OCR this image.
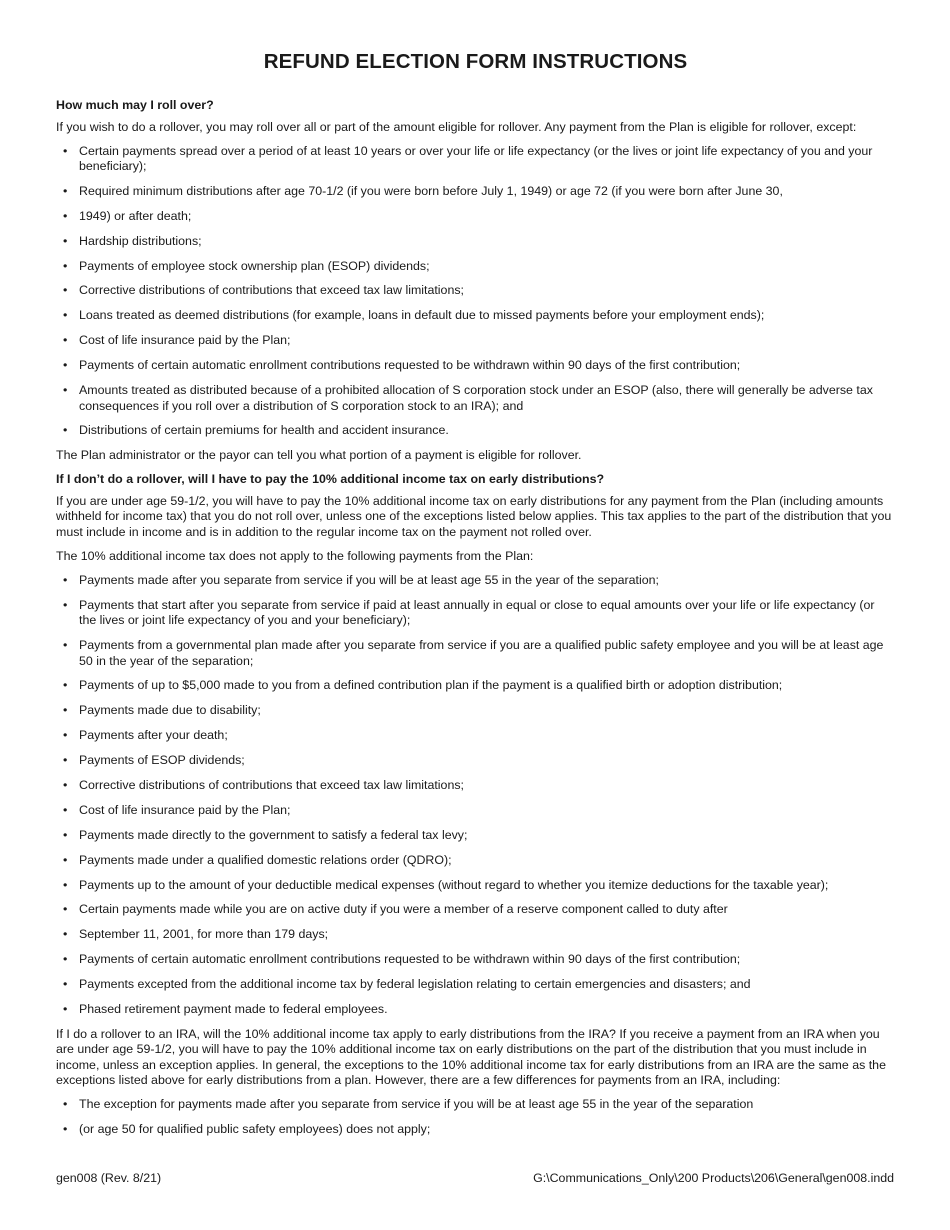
REFUND ELECTION FORM INSTRUCTIONS

How much may I roll over?

If you wish to do a rollover, you may roll over all or part of the amount eligible for rollover. Any payment from the Plan is eligible for rollover, except:

• Certain payments spread over a period of at least 10 years or over your life or life expectancy (or the lives or joint life expectancy of you and your beneficiary);
• Required minimum distributions after age 70-1/2 (if you were born before July 1, 1949) or age 72 (if you were born after June 30,
• 1949) or after death;
• Hardship distributions;
• Payments of employee stock ownership plan (ESOP) dividends;
• Corrective distributions of contributions that exceed tax law limitations;
• Loans treated as deemed distributions (for example, loans in default due to missed payments before your employment ends);
• Cost of life insurance paid by the Plan;
• Payments of certain automatic enrollment contributions requested to be withdrawn within 90 days of the first contribution;
• Amounts treated as distributed because of a prohibited allocation of S corporation stock under an ESOP (also, there will generally be adverse tax consequences if you roll over a distribution of S corporation stock to an IRA); and
• Distributions of certain premiums for health and accident insurance.

The Plan administrator or the payor can tell you what portion of a payment is eligible for rollover.

If I don’t do a rollover, will I have to pay the 10% additional income tax on early distributions?

If you are under age 59-1/2, you will have to pay the 10% additional income tax on early distributions for any payment from the Plan (including amounts withheld for income tax) that you do not roll over, unless one of the exceptions listed below applies. This tax applies to the part of the distribution that you must include in income and is in addition to the regular income tax on the payment not rolled over.

The 10% additional income tax does not apply to the following payments from the Plan:

• Payments made after you separate from service if you will be at least age 55 in the year of the separation;
• Payments that start after you separate from service if paid at least annually in equal or close to equal amounts over your life or life expectancy (or the lives or joint life expectancy of you and your beneficiary);
• Payments from a governmental plan made after you separate from service if you are a qualified public safety employee and you will be at least age 50 in the year of the separation;
• Payments of up to $5,000 made to you from a defined contribution plan if the payment is a qualified birth or adoption distribution;
• Payments made due to disability;
• Payments after your death;
• Payments of ESOP dividends;
• Corrective distributions of contributions that exceed tax law limitations;
• Cost of life insurance paid by the Plan;
• Payments made directly to the government to satisfy a federal tax levy;
• Payments made under a qualified domestic relations order (QDRO);
• Payments up to the amount of your deductible medical expenses (without regard to whether you itemize deductions for the taxable year);
• Certain payments made while you are on active duty if you were a member of a reserve component called to duty after
• September 11, 2001, for more than 179 days;
• Payments of certain automatic enrollment contributions requested to be withdrawn within 90 days of the first contribution;
• Payments excepted from the additional income tax by federal legislation relating to certain emergencies and disasters; and
• Phased retirement payment made to federal employees.

If I do a rollover to an IRA, will the 10% additional income tax apply to early distributions from the IRA? If you receive a payment from an IRA when you are under age 59-1/2, you will have to pay the 10% additional income tax on early distributions on the part of the distribution that you must include in income, unless an exception applies. In general, the exceptions to the 10% additional income tax for early distributions from an IRA are the same as the exceptions listed above for early distributions from a plan. However, there are a few differences for payments from an IRA, including:

• The exception for payments made after you separate from service if you will be at least age 55 in the year of the separation
• (or age 50 for qualified public safety employees) does not apply;
gen008 (Rev. 8/21)	G:\Communications_Only\200 Products\206\General\gen008.indd
